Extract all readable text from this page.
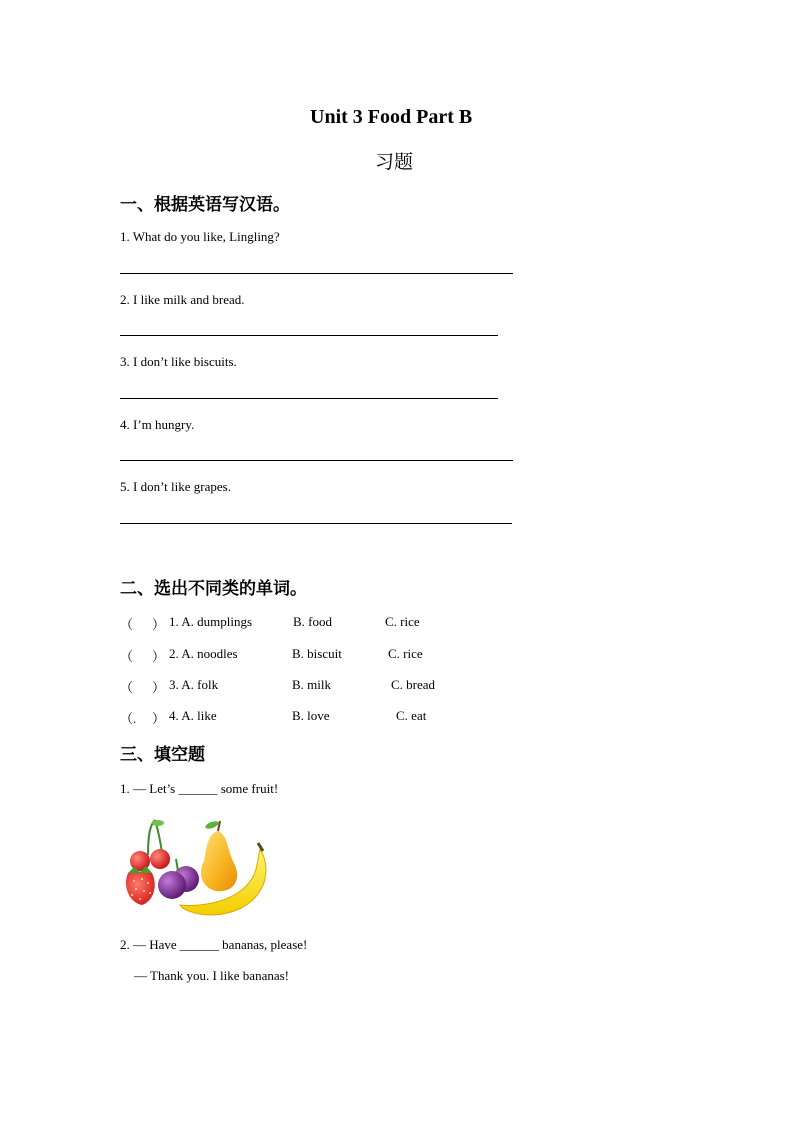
Unit 3 Food Part B
习题
一、根据英语写汉语。
1. What do you like, Lingling?
2. I like milk and bread.
3. I don’t like biscuits.
4. I’m hungry.
5. I don’t like grapes.
二、选出不同类的单词。
（ ） 1. A. dumplings	B. food	C. rice
（ ） 2. A. noodles	B. biscuit	C. rice
（ ） 3. A. folk	B. milk	C. bread
（. ） 4. A. like	B. love	C. eat
三、填空题
1. — Let’s ______ some fruit!
2. — Have ______ bananas, please!
— Thank you. I like bananas!
